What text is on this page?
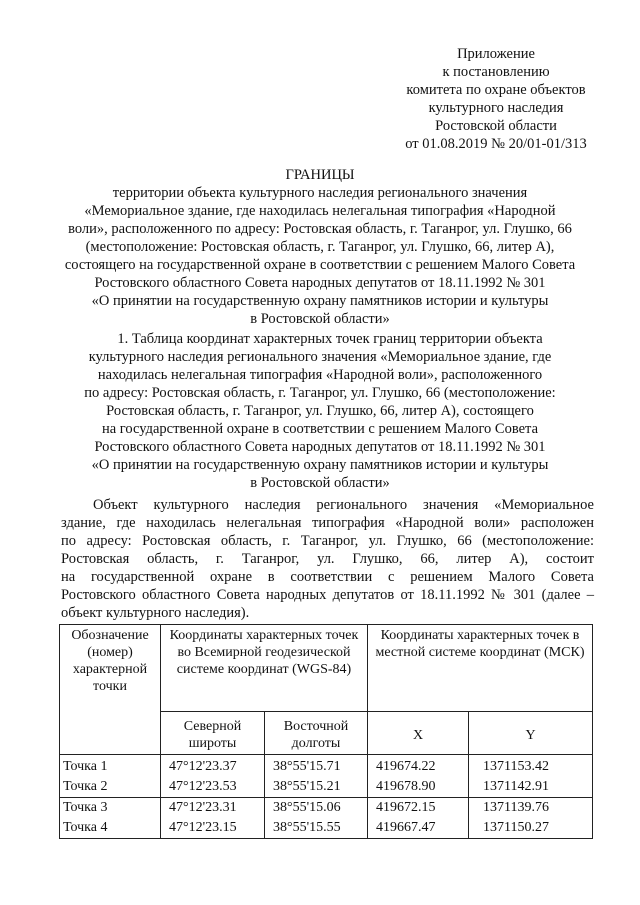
Приложение
к постановлению
комитета по охране объектов
культурного наследия
Ростовской области
от 01.08.2019 № 20/01-01/313
ГРАНИЦЫ
территории объекта культурного наследия регионального значения
«Мемориальное здание, где находилась нелегальная типография «Народной
воли», расположенного по адресу: Ростовская область, г. Таганрог, ул. Глушко, 66
(местоположение: Ростовская область, г. Таганрог, ул. Глушко, 66, литер А),
состоящего на государственной охране в соответствии с решением Малого Совета
Ростовского областного Совета народных депутатов от 18.11.1992 № 301
«О принятии на государственную охрану памятников истории и культуры
в Ростовской области»
1. Таблица координат характерных точек границ территории объекта
культурного наследия регионального значения «Мемориальное здание, где
находилась нелегальная типография «Народной воли», расположенного
по адресу: Ростовская область, г. Таганрог, ул. Глушко, 66 (местоположение:
Ростовская область, г. Таганрог, ул. Глушко, 66, литер А), состоящего
на государственной охране в соответствии с решением Малого Совета
Ростовского областного Совета народных депутатов от 18.11.1992 № 301
«О принятии на государственную охрану памятников истории и культуры
в Ростовской области»
Объект культурного наследия регионального значения «Мемориальное
здание, где находилась нелегальная типография «Народной воли» расположен
по адресу: Ростовская область, г. Таганрог, ул. Глушко, 66 (местоположение:
Ростовская область, г. Таганрог, ул. Глушко, 66, литер А), состоит
на государственной охране в соответствии с решением Малого Совета
Ростовского областного Совета народных депутатов от 18.11.1992 № 301 (далее –
объект культурного наследия).
Обозначение (номер) характерной точки	Координаты характерных точек во Всемирной геодезической системе координат (WGS-84)		Координаты характерных точек в местной системе координат (МСК)	
	Северной широты	Восточной долготы	X	Y
Точка 1	47°12'23.37	38°55'15.71	419674.22	1371153.42
Точка 2	47°12'23.53	38°55'15.21	419678.90	1371142.91
Точка 3	47°12'23.31	38°55'15.06	419672.15	1371139.76
Точка 4	47°12'23.15	38°55'15.55	419667.47	1371150.27
